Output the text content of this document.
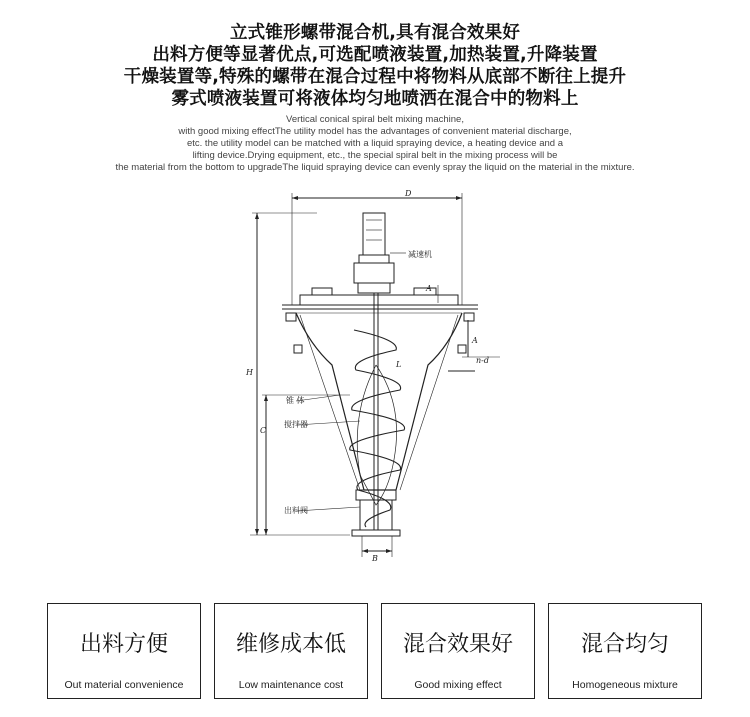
立式锥形螺带混合机,具有混合效果好
出料方便等显著优点,可选配喷液装置,加热装置,升降装置
干燥装置等,特殊的螺带在混合过程中将物料从底部不断往上提升
雾式喷液装置可将液体均匀地喷洒在混合中的物料上
Vertical conical spiral belt mixing machine,
with good mixing effectThe utility model has the advantages of convenient material discharge,
etc. the utility model can be matched with a liquid spraying device, a heating device and a
lifting device.Drying equipment, etc., the special spiral belt in the mixing process will be
the material from the bottom to upgradeThe liquid spraying device can evenly spray the liquid on the material in the mixture.
D
A
A
n-d
L
H
C
B
减速机
锥 体
搅拌器
出料阀
出料方便
Out material convenience
维修成本低
Low maintenance cost
混合效果好
Good mixing effect
混合均匀
Homogeneous mixture
